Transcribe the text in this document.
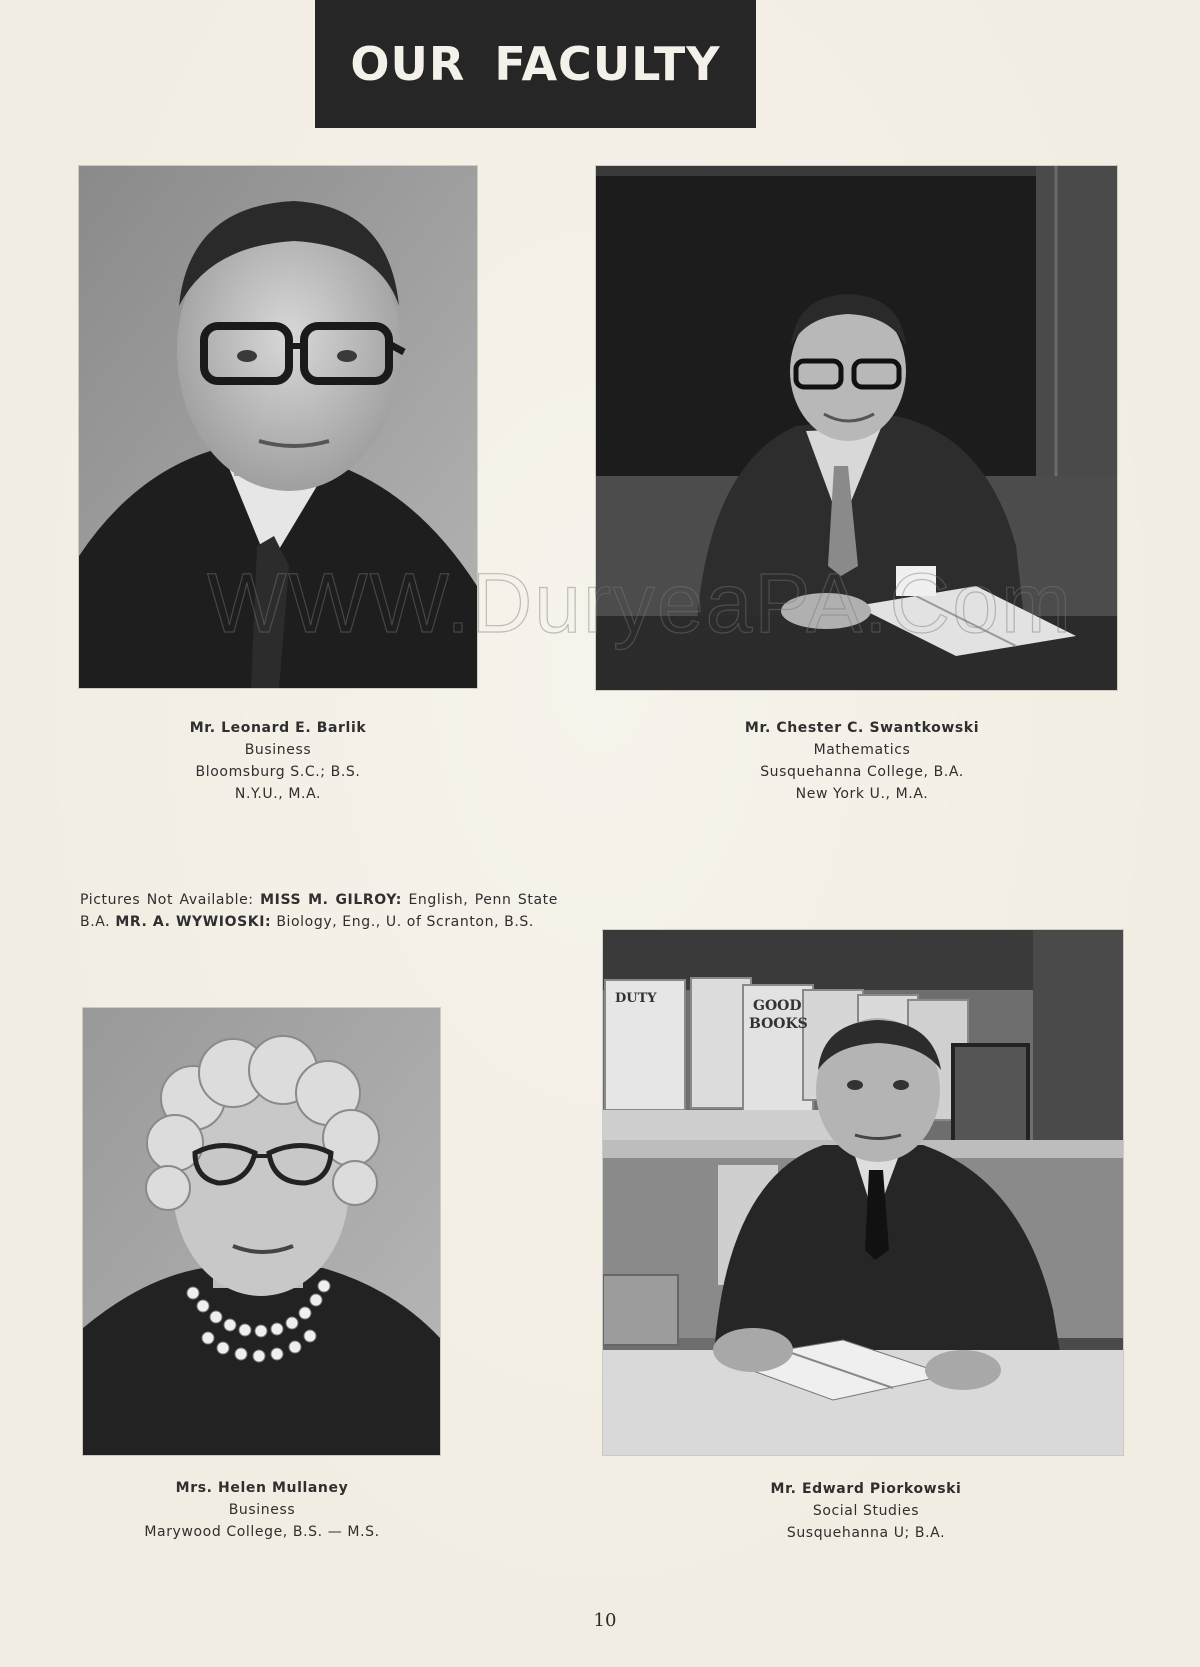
OUR FACULTY
Mr. Leonard E. Barlik
Business
Bloomsburg S.C.; B.S.
N.Y.U., M.A.
Mr. Chester C. Swantkowski
Mathematics
Susquehanna College, B.A.
New York U., M.A.
Pictures Not Available: MISS M. GILROY: English, Penn State B.A. MR. A. WYWIOSKI: Biology, Eng., U. of Scranton, B.S.
DUTY	GOOD
BOOKS
Mrs. Helen Mullaney
Business
Marywood College, B.S. — M.S.
Mr. Edward Piorkowski
Social Studies
Susquehanna U; B.A.
10
